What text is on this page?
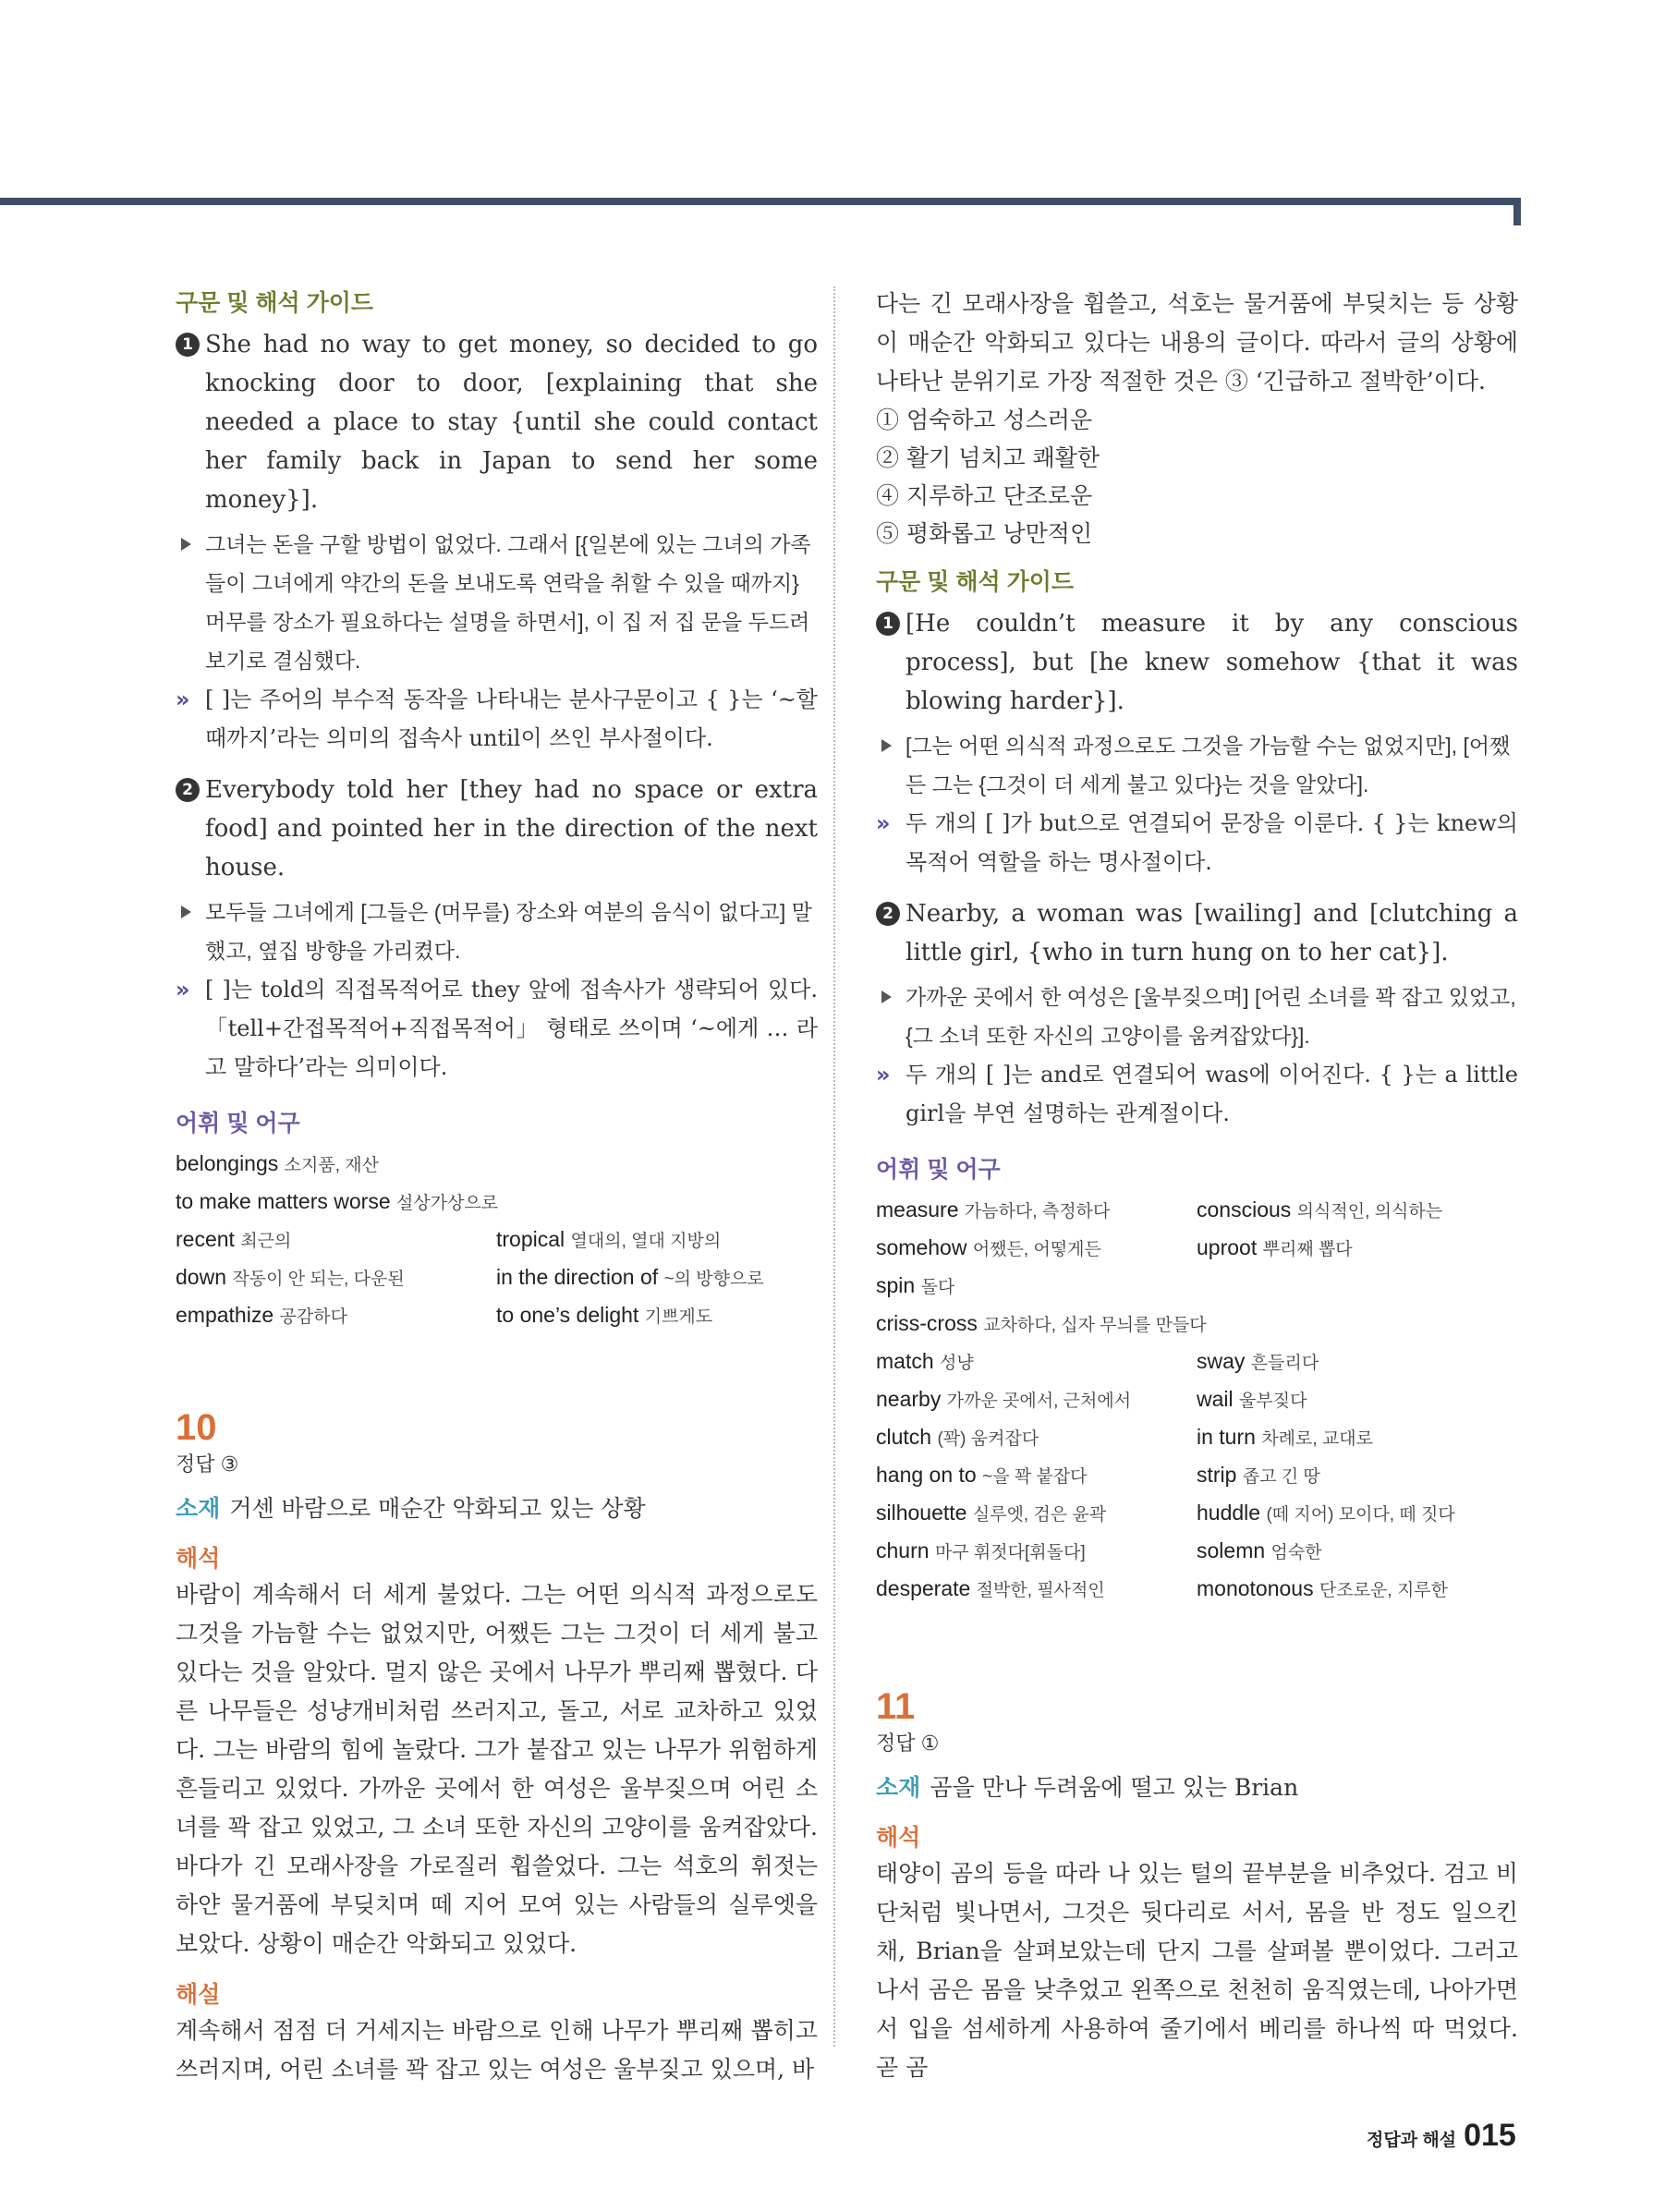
구문 및 해석 가이드
1 She had no way to get money, so decided to go knocking door to door, [explaining that she needed a place to stay {until she could contact her family back in Japan to send her some money}].
그녀는 돈을 구할 방법이 없었다. 그래서 [{일본에 있는 그녀의 가족들이 그녀에게 약간의 돈을 보내도록 연락을 취할 수 있을 때까지} 머무를 장소가 필요하다는 설명을 하면서], 이 집 저 집 문을 두드려 보기로 결심했다.
» [ ]는 주어의 부수적 동작을 나타내는 분사구문이고 { }는 ‘~할 때까지’라는 의미의 접속사 until이 쓰인 부사절이다.
2 Everybody told her [they had no space or extra food] and pointed her in the direction of the next house.
모두들 그녀에게 [그들은 (머무를) 장소와 여분의 음식이 없다고] 말했고, 옆집 방향을 가리켰다.
» [ ]는 told의 직접목적어로 they 앞에 접속사가 생략되어 있다. 「tell+간접목적어+직접목적어」 형태로 쓰이며 ‘~에게 … 라고 말하다’라는 의미이다.
어휘 및 어구
belongings 소지품, 재산
to make matters worse 설상가상으로
recent 최근의	tropical 열대의, 열대 지방의
down 작동이 안 되는, 다운된	in the direction of ~의 방향으로
empathize 공감하다	to one’s delight 기쁘게도
10
정답 ③
소재 거센 바람으로 매순간 악화되고 있는 상황
해석
바람이 계속해서 더 세게 불었다. 그는 어떤 의식적 과정으로도 그것을 가늠할 수는 없었지만, 어쨌든 그는 그것이 더 세게 불고 있다는 것을 알았다. 멀지 않은 곳에서 나무가 뿌리째 뽑혔다. 다른 나무들은 성냥개비처럼 쓰러지고, 돌고, 서로 교차하고 있었다. 그는 바람의 힘에 놀랐다. 그가 붙잡고 있는 나무가 위험하게 흔들리고 있었다. 가까운 곳에서 한 여성은 울부짖으며 어린 소녀를 꽉 잡고 있었고, 그 소녀 또한 자신의 고양이를 움켜잡았다. 바다가 긴 모래사장을 가로질러 휩쓸었다. 그는 석호의 휘젓는 하얀 물거품에 부딪치며 떼 지어 모여 있는 사람들의 실루엣을 보았다. 상황이 매순간 악화되고 있었다.
해설
계속해서 점점 더 거세지는 바람으로 인해 나무가 뿌리째 뽑히고 쓰러지며, 어린 소녀를 꽉 잡고 있는 여성은 울부짖고 있으며, 바
다는 긴 모래사장을 휩쓸고, 석호는 물거품에 부딪치는 등 상황이 매순간 악화되고 있다는 내용의 글이다. 따라서 글의 상황에 나타난 분위기로 가장 적절한 것은 ③ ‘긴급하고 절박한’이다.
① 엄숙하고 성스러운
② 활기 넘치고 쾌활한
④ 지루하고 단조로운
⑤ 평화롭고 낭만적인
구문 및 해석 가이드
1 [He couldn’t measure it by any conscious process], but [he knew somehow {that it was blowing harder}].
[그는 어떤 의식적 과정으로도 그것을 가늠할 수는 없었지만], [어쨌든 그는 {그것이 더 세게 불고 있다}는 것을 알았다].
» 두 개의 [ ]가 but으로 연결되어 문장을 이룬다. { }는 knew의 목적어 역할을 하는 명사절이다.
2 Nearby, a woman was [wailing] and [clutching a little girl, {who in turn hung on to her cat}].
가까운 곳에서 한 여성은 [울부짖으며] [어린 소녀를 꽉 잡고 있었고, {그 소녀 또한 자신의 고양이를 움켜잡았다}].
» 두 개의 [ ]는 and로 연결되어 was에 이어진다. { }는 a little girl을 부연 설명하는 관계절이다.
어휘 및 어구
measure 가늠하다, 측정하다	conscious 의식적인, 의식하는
somehow 어쨌든, 어떻게든	uproot 뿌리째 뽑다
spin 돌다
criss-cross 교차하다, 십자 무늬를 만들다
match 성냥	sway 흔들리다
nearby 가까운 곳에서, 근처에서	wail 울부짖다
clutch (꽉) 움켜잡다	in turn 차례로, 교대로
hang on to ~을 꽉 붙잡다	strip 좁고 긴 땅
silhouette 실루엣, 검은 윤곽	huddle (떼 지어) 모이다, 떼 짓다
churn 마구 휘젓다[휘돌다]	solemn 엄숙한
desperate 절박한, 필사적인	monotonous 단조로운, 지루한
11
정답 ①
소재 곰을 만나 두려움에 떨고 있는 Brian
해석
태양이 곰의 등을 따라 나 있는 털의 끝부분을 비추었다. 검고 비단처럼 빛나면서, 그것은 뒷다리로 서서, 몸을 반 정도 일으킨 채, Brian을 살펴보았는데 단지 그를 살펴볼 뿐이었다. 그러고 나서 곰은 몸을 낮추었고 왼쪽으로 천천히 움직였는데, 나아가면서 입을 섬세하게 사용하여 줄기에서 베리를 하나씩 따 먹었다. 곧 곰
정답과 해설 015
